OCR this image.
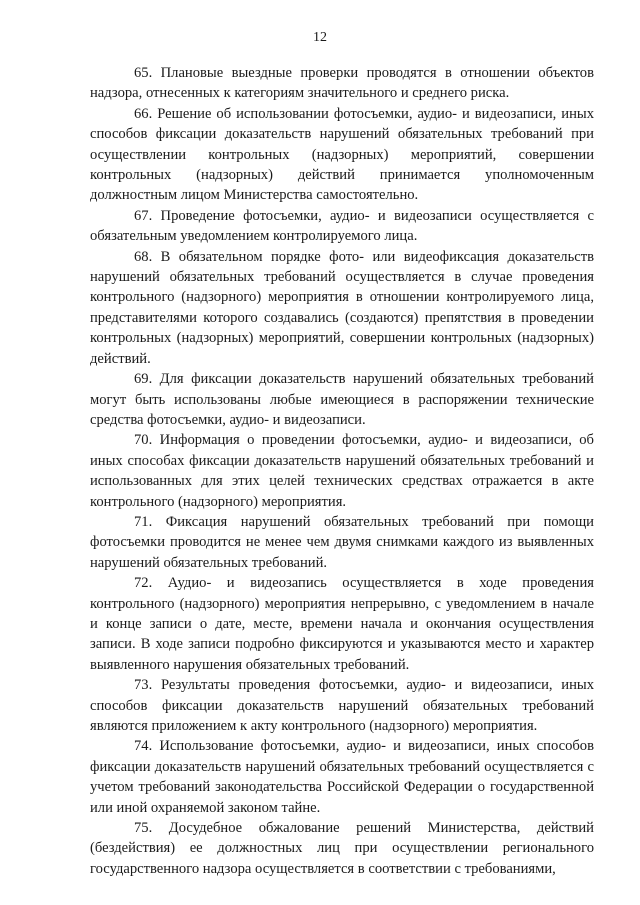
12

65. Плановые выездные проверки проводятся в отношении объектов надзора, отнесенных к категориям значительного и среднего риска.

66. Решение об использовании фотосъемки, аудио- и видеозаписи, иных способов фиксации доказательств нарушений обязательных требований при осуществлении контрольных (надзорных) мероприятий, совершении контрольных (надзорных) действий принимается уполномоченным должностным лицом Министерства самостоятельно.

67. Проведение фотосъемки, аудио- и видеозаписи осуществляется с обязательным уведомлением контролируемого лица.

68. В обязательном порядке фото- или видеофиксация доказательств нарушений обязательных требований осуществляется в случае проведения контрольного (надзорного) мероприятия в отношении контролируемого лица, представителями которого создавались (создаются) препятствия в проведении контрольных (надзорных) мероприятий, совершении контрольных (надзорных) действий.

69. Для фиксации доказательств нарушений обязательных требований могут быть использованы любые имеющиеся в распоряжении технические средства фотосъемки, аудио- и видеозаписи.

70. Информация о проведении фотосъемки, аудио- и видеозаписи, об иных способах фиксации доказательств нарушений обязательных требований и использованных для этих целей технических средствах отражается в акте контрольного (надзорного) мероприятия.

71. Фиксация нарушений обязательных требований при помощи фотосъемки проводится не менее чем двумя снимками каждого из выявленных нарушений обязательных требований.

72. Аудио- и видеозапись осуществляется в ходе проведения контрольного (надзорного) мероприятия непрерывно, с уведомлением в начале и конце записи о дате, месте, времени начала и окончания осуществления записи. В ходе записи подробно фиксируются и указываются место и характер выявленного нарушения обязательных требований.

73. Результаты проведения фотосъемки, аудио- и видеозаписи, иных способов фиксации доказательств нарушений обязательных требований являются приложением к акту контрольного (надзорного) мероприятия.

74. Использование фотосъемки, аудио- и видеозаписи, иных способов фиксации доказательств нарушений обязательных требований осуществляется с учетом требований законодательства Российской Федерации о государственной или иной охраняемой законом тайне.

75. Досудебное обжалование решений Министерства, действий (бездействия) ее должностных лиц при осуществлении регионального государственного надзора осуществляется в соответствии с требованиями,
